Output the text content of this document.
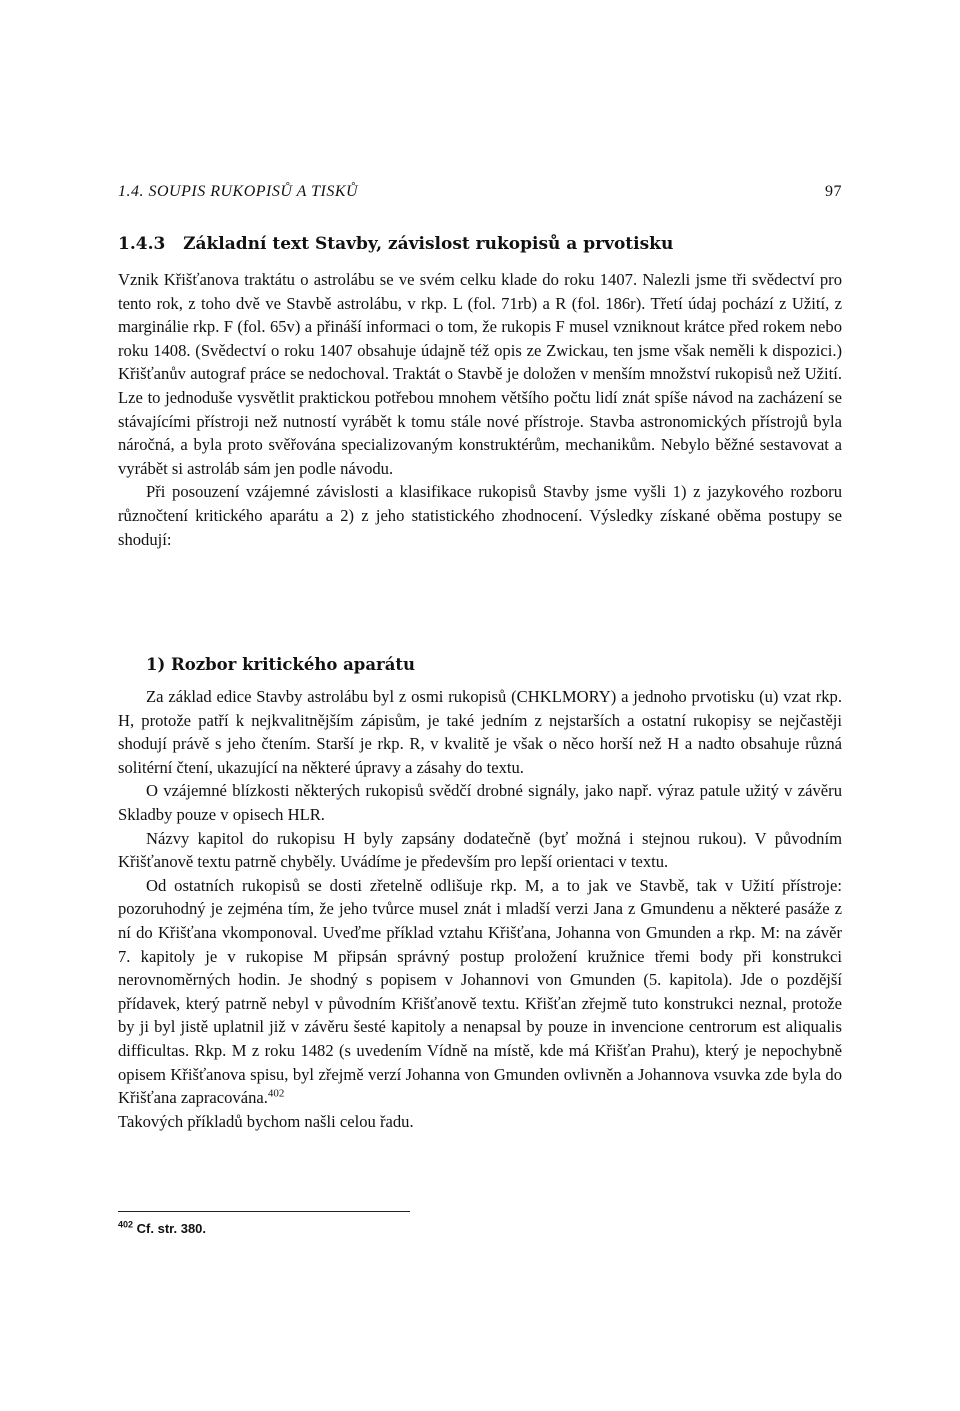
1.4. SOUPIS RUKOPISŮ A TISKŮ	97
1.4.3 Základní text Stavby, závislost rukopisů a prvotisku

Vznik Křišťanova traktátu o astrolábu se ve svém celku klade do roku 1407. Nalezli jsme tři svědectví pro tento rok, z toho dvě ve Stavbě astrolábu, v rkp. L (fol. 71rb) a R (fol. 186r). Třetí údaj pochází z Užití, z marginálie rkp. F (fol. 65v) a přináší informaci o tom, že rukopis F musel vzniknout krátce před rokem nebo roku 1408. (Svědectví o roku 1407 obsahuje údajně též opis ze Zwickau, ten jsme však neměli k dispozici.) Křišťanův autograf práce se nedochoval. Traktát o Stavbě je doložen v menším množství rukopisů než Užití. Lze to jednoduše vysvětlit praktickou potřebou mnohem většího počtu lidí znát spíše návod na zacházení se stávajícími přístroji než nutností vyrábět k tomu stále nové přístroje. Stavba astronomických přístrojů byla náročná, a byla proto svěřována specializovaným konstruktérům, mechanikům. Nebylo běžné sestavovat a vyrábět si astroláb sám jen podle návodu.

Při posouzení vzájemné závislosti a klasifikace rukopisů Stavby jsme vyšli 1) z jazykového rozboru různočtení kritického aparátu a 2) z jeho statistického zhodnocení. Výsledky získané oběma postupy se shodují:

1) Rozbor kritického aparátu

Za základ edice Stavby astrolábu byl z osmi rukopisů (CHKLMORY) a jednoho prvotisku (u) vzat rkp. H, protože patří k nejkvalitnějším zápisům, je také jedním z nejstarších a ostatní rukopisy se nejčastěji shodují právě s jeho čtením. Starší je rkp. R, v kvalitě je však o něco horší než H a nadto obsahuje různá solitérní čtení, ukazující na některé úpravy a zásahy do textu.

O vzájemné blízkosti některých rukopisů svědčí drobné signály, jako např. výraz patule užitý v závěru Skladby pouze v opisech HLR.

Názvy kapitol do rukopisu H byly zapsány dodatečně (byť možná i stejnou rukou). V původním Křišťanově textu patrně chyběly. Uvádíme je především pro lepší orientaci v textu.

Od ostatních rukopisů se dosti zřetelně odlišuje rkp. M, a to jak ve Stavbě, tak v Užití přístroje: pozoruhodný je zejména tím, že jeho tvůrce musel znát i mladší verzi Jana z Gmundenu a některé pasáže z ní do Křišťana vkomponoval. Uveďme příklad vztahu Křišťana, Johanna von Gmunden a rkp. M: na závěr 7. kapitoly je v rukopise M připsán správný postup proložení kružnice třemi body při konstrukci nerovnoměrných hodin. Je shodný s popisem v Johannovi von Gmunden (5. kapitola). Jde o pozdější přídavek, který patrně nebyl v původním Křišťanově textu. Křišťan zřejmě tuto konstrukci neznal, protože by ji byl jistě uplatnil již v závěru šesté kapitoly a nenapsal by pouze in invencione centrorum est aliqualis difficultas. Rkp. M z roku 1482 (s uvedením Vídně na místě, kde má Křišťan Prahu), který je nepochybně opisem Křišťanova spisu, byl zřejmě verzí Johanna von Gmunden ovlivněn a Johannova vsuvka zde byla do Křišťana zapracována.$^{402}$

Takových příkladů bychom našli celou řadu.

$^{402}$ Cf. str. 380.
